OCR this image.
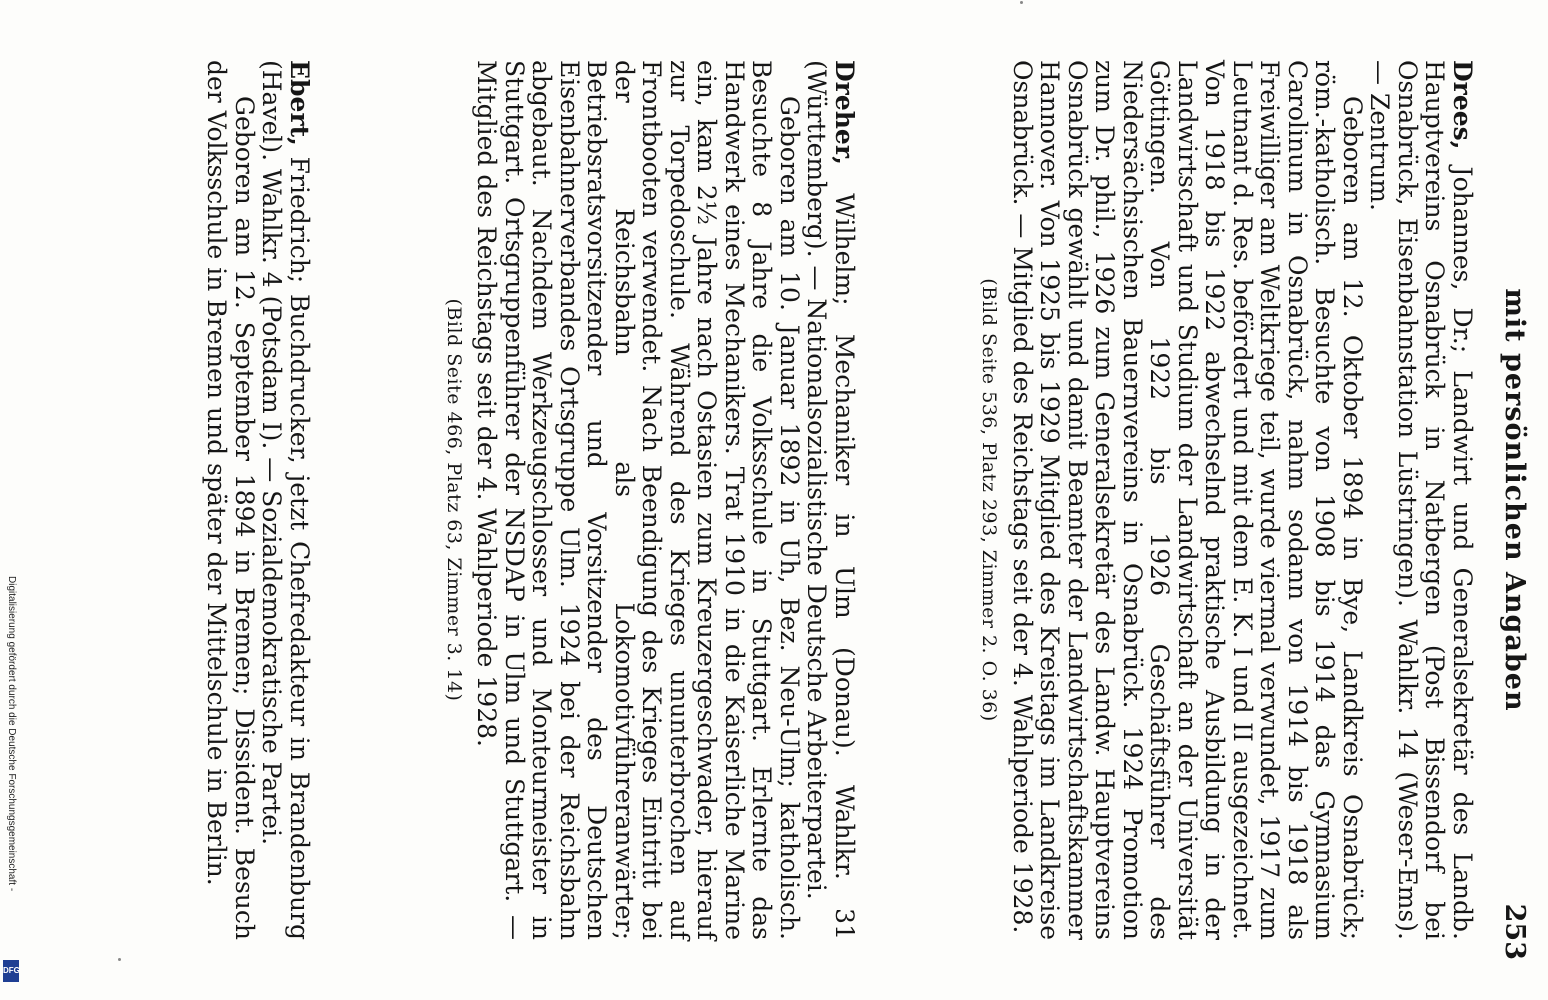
mit persönlichen Angaben
253

Drees, Johannes, Dr.; Landwirt und Generalsekretär des Landb. Hauptvereins Osnabrück in Natbergen (Post Bissendorf bei Osnabrück, Eisenbahnstation Lüstringen). Wahlkr. 14 (Weser-Ems). — Zentrum.

Geboren am 12. Oktober 1894 in Bye, Landkreis Osnabrück; röm.-katholisch. Besuchte von 1908 bis 1914 das Gymnasium Carolinum in Osnabrück, nahm sodann von 1914 bis 1918 als Freiwilliger am Weltkriege teil, wurde viermal verwundet, 1917 zum Leutnant d. Res. befördert und mit dem E. K. I und II ausgezeichnet. Von 1918 bis 1922 abwechselnd praktische Ausbildung in der Landwirtschaft und Studium der Landwirtschaft an der Universität Göttingen. Von 1922 bis 1926 Geschäftsführer des Niedersächsischen Bauernvereins in Osnabrück. 1924 Promotion zum Dr. phil., 1926 zum Generalsekretär des Landw. Hauptvereins Osnabrück gewählt und damit Beamter der Landwirtschaftskammer Hannover. Von 1925 bis 1929 Mitglied des Kreistags im Landkreise Osnabrück. — Mitglied des Reichstags seit der 4. Wahlperiode 1928.

(Bild Seite 536, Platz 293, Zimmer 2. O. 36)

Dreher, Wilhelm; Mechaniker in Ulm (Donau). Wahlkr. 31 (Württemberg). — Nationalsozialistische Deutsche Arbeiterpartei.

Geboren am 10. Januar 1892 in Uh, Bez. Neu-Ulm; katholisch. Besuchte 8 Jahre die Volksschule in Stuttgart. Erlernte das Handwerk eines Mechanikers. Trat 1910 in die Kaiserliche Marine ein, kam 2½ Jahre nach Ostasien zum Kreuzergeschwader, hierauf zur Torpedoschule. Während des Krieges ununterbrochen auf Frontbooten verwendet. Nach Beendigung des Krieges Eintritt bei der Reichsbahn als Lokomotivführeranwärter; Betriebsratsvorsitzender und Vorsitzender des Deutschen Eisenbahnerverbandes Ortsgruppe Ulm. 1924 bei der Reichsbahn abgebaut. Nachdem Werkzeugschlosser und Monteurmeister in Stuttgart. Ortsgruppenführer der NSDAP in Ulm und Stuttgart. — Mitglied des Reichstags seit der 4. Wahlperiode 1928.

(Bild Seite 466, Platz 63, Zimmer 3. 14)

Ebert, Friedrich; Buchdrucker, jetzt Chefredakteur in Brandenburg (Havel). Wahlkr. 4 (Potsdam I). — Sozialdemokratische Partei.

Geboren am 12. September 1894 in Bremen; Dissident. Besuch der Volksschule in Bremen und später der Mittelschule in Berlin.

Digitalisierung gefördert durch die Deutsche Forschungsgemeinschaft -
DFG
